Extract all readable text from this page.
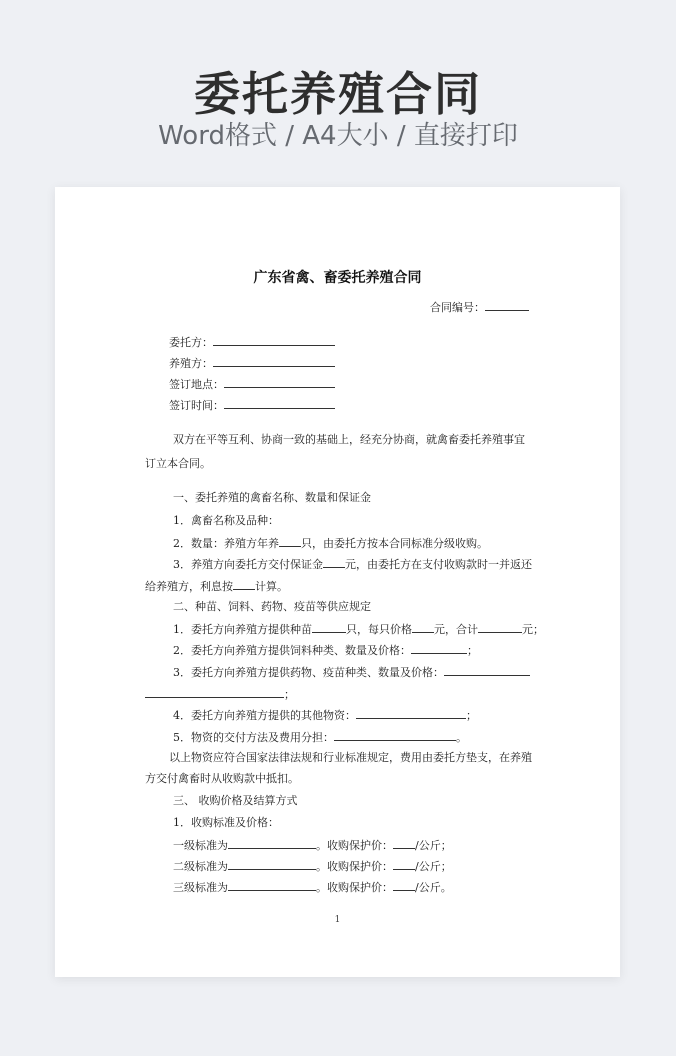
委托养殖合同
Word格式 / A4大小 / 直接打印
广东省禽、畜委托养殖合同
合同编号：
委托方：
养殖方：
签订地点：
签订时间：
双方在平等互利、协商一致的基础上，经充分协商，就禽畜委托养殖事宜
订立本合同。
一、委托养殖的禽畜名称、数量和保证金
1．禽畜名称及品种：
2．数量：养殖方年养 只，由委托方按本合同标准分级收购。
3．养殖方向委托方交付保证金 元，由委托方在支付收购款时一并返还
给养殖方，利息按 计算。
二、种苗、饲料、药物、疫苗等供应规定
1．委托方向养殖方提供种苗	只，每只价格 元，合计	元；
2．委托方向养殖方提供饲料种类、数量及价格：	；
3．委托方向养殖方提供药物、疫苗种类、数量及价格：
；
4．委托方向养殖方提供的其他物资：	；
5．物资的交付方法及费用分担：	。
以上物资应符合国家法律法规和行业标准规定，费用由委托方垫支，在养殖
方交付禽畜时从收购款中抵扣。
三、 收购价格及结算方式
1．收购标准及价格：
一级标准为	。收购保护价： /公斤；
二级标准为	。收购保护价： /公斤；
三级标准为	。收购保护价： /公斤。
1
